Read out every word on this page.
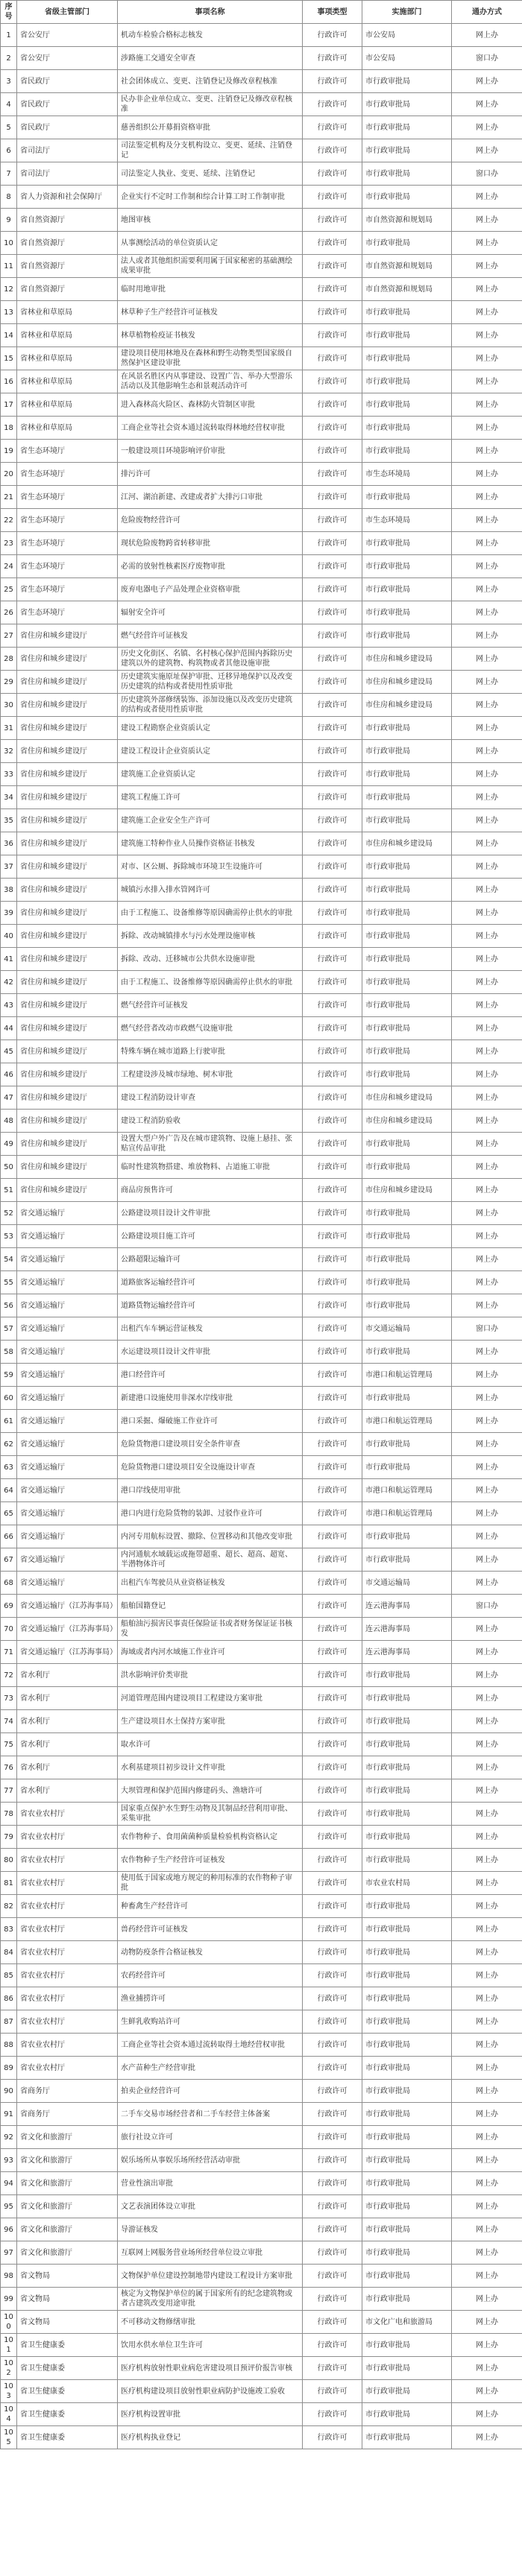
序号	省级主管部门	事项名称	事项类型	实施部门	通办方式
1	省公安厅	机动车检验合格标志核发	行政许可	市公安局	网上办
2	省公安厅	涉路施工交通安全审查	行政许可	市公安局	窗口办
3	省民政厅	社会团体成立、变更、注销登记及修改章程核准	行政许可	市行政审批局	网上办
4	省民政厅	民办非企业单位成立、变更、注销登记及修改章程核准	行政许可	市行政审批局	网上办
5	省民政厅	慈善组织公开募捐资格审批	行政许可	市行政审批局	网上办
6	省司法厅	司法鉴定机构及分支机构设立、变更、延续、注销登记	行政许可	市行政审批局	网上办
7	省司法厅	司法鉴定人执业、变更、延续、注销登记	行政许可	市行政审批局	窗口办
8	省人力资源和社会保障厅	企业实行不定时工作制和综合计算工时工作制审批	行政许可	市行政审批局	网上办
9	省自然资源厅	地图审核	行政许可	市自然资源和规划局	网上办
10	省自然资源厅	从事测绘活动的单位资质认定	行政许可	市行政审批局	网上办
11	省自然资源厅	法人或者其他组织需要利用属于国家秘密的基础测绘成果审批	行政许可	市自然资源和规划局	网上办
12	省自然资源厅	临时用地审批	行政许可	市自然资源和规划局	网上办
13	省林业和草原局	林草种子生产经营许可证核发	行政许可	市行政审批局	网上办
14	省林业和草原局	林草植物检疫证书核发	行政许可	市行政审批局	网上办
15	省林业和草原局	建设项目使用林地及在森林和野生动物类型国家级自然保护区建设审批	行政许可	市行政审批局	网上办
16	省林业和草原局	在风景名胜区内从事建设、设置广告、举办大型游乐活动以及其他影响生态和景观活动许可	行政许可	市行政审批局	网上办
17	省林业和草原局	进入森林高火险区、森林防火管制区审批	行政许可	市行政审批局	网上办
18	省林业和草原局	工商企业等社会资本通过流转取得林地经营权审批	行政许可	市行政审批局	网上办
19	省生态环境厅	一般建设项目环境影响评价审批	行政许可	市行政审批局	网上办
20	省生态环境厅	排污许可	行政许可	市生态环境局	网上办
21	省生态环境厅	江河、湖泊新建、改建或者扩大排污口审批	行政许可	市行政审批局	网上办
22	省生态环境厅	危险废物经营许可	行政许可	市生态环境局	网上办
23	省生态环境厅	现状危险废物跨省转移审批	行政许可	市行政审批局	网上办
24	省生态环境厅	必需的放射性核素医疗废物审批	行政许可	市行政审批局	网上办
25	省生态环境厅	废弃电器电子产品处理企业资格审批	行政许可	市行政审批局	网上办
26	省生态环境厅	辐射安全许可	行政许可	市行政审批局	网上办
27	省住房和城乡建设厅	燃气经营许可证核发	行政许可	市行政审批局	网上办
28	省住房和城乡建设厅	历史文化街区、名镇、名村核心保护范围内拆除历史建筑以外的建筑物、构筑物或者其他设施审批	行政许可	市住房和城乡建设局	网上办
29	省住房和城乡建设厅	历史建筑实施原址保护审批、迁移异地保护以及改变历史建筑的结构或者使用性质审批	行政许可	市住房和城乡建设局	网上办
30	省住房和城乡建设厅	历史建筑外部修缮装饰、添加设施以及改变历史建筑的结构或者使用性质审批	行政许可	市住房和城乡建设局	网上办
31	省住房和城乡建设厅	建设工程勘察企业资质认定	行政许可	市行政审批局	网上办
32	省住房和城乡建设厅	建设工程设计企业资质认定	行政许可	市行政审批局	网上办
33	省住房和城乡建设厅	建筑施工企业资质认定	行政许可	市行政审批局	网上办
34	省住房和城乡建设厅	建筑工程施工许可	行政许可	市行政审批局	网上办
35	省住房和城乡建设厅	建筑施工企业安全生产许可	行政许可	市行政审批局	网上办
36	省住房和城乡建设厅	建筑施工特种作业人员操作资格证书核发	行政许可	市住房和城乡建设局	网上办
37	省住房和城乡建设厅	对市、区公厕、拆除城市环境卫生设施许可	行政许可	市行政审批局	网上办
38	省住房和城乡建设厅	城镇污水排入排水管网许可	行政许可	市行政审批局	网上办
39	省住房和城乡建设厅	由于工程施工、设备维修等原因确需停止供水的审批	行政许可	市行政审批局	网上办
40	省住房和城乡建设厅	拆除、改动城镇排水与污水处理设施审核	行政许可	市行政审批局	网上办
41	省住房和城乡建设厅	拆除、改动、迁移城市公共供水设施审批	行政许可	市行政审批局	网上办
42	省住房和城乡建设厅	由于工程施工、设备维修等原因确需停止供水的审批	行政许可	市行政审批局	网上办
43	省住房和城乡建设厅	燃气经营许可证核发	行政许可	市行政审批局	网上办
44	省住房和城乡建设厅	燃气经营者改动市政燃气设施审批	行政许可	市行政审批局	网上办
45	省住房和城乡建设厅	特殊车辆在城市道路上行驶审批	行政许可	市行政审批局	网上办
46	省住房和城乡建设厅	工程建设涉及城市绿地、树木审批	行政许可	市行政审批局	网上办
47	省住房和城乡建设厅	建设工程消防设计审查	行政许可	市住房和城乡建设局	网上办
48	省住房和城乡建设厅	建设工程消防验收	行政许可	市住房和城乡建设局	网上办
49	省住房和城乡建设厅	设置大型户外广告及在城市建筑物、设施上悬挂、张贴宣传品审批	行政许可	市行政审批局	网上办
50	省住房和城乡建设厅	临时性建筑物搭建、堆放物料、占道施工审批	行政许可	市行政审批局	网上办
51	省住房和城乡建设厅	商品房预售许可	行政许可	市住房和城乡建设局	网上办
52	省交通运输厅	公路建设项目设计文件审批	行政许可	市行政审批局	网上办
53	省交通运输厅	公路建设项目施工许可	行政许可	市行政审批局	网上办
54	省交通运输厅	公路超限运输许可	行政许可	市行政审批局	网上办
55	省交通运输厅	道路旅客运输经营许可	行政许可	市行政审批局	网上办
56	省交通运输厅	道路货物运输经营许可	行政许可	市行政审批局	网上办
57	省交通运输厅	出租汽车车辆运营证核发	行政许可	市交通运输局	窗口办
58	省交通运输厅	水运建设项目设计文件审批	行政许可	市行政审批局	网上办
59	省交通运输厅	港口经营许可	行政许可	市港口和航运管理局	网上办
60	省交通运输厅	新建港口设施使用非深水岸线审批	行政许可	市行政审批局	网上办
61	省交通运输厅	港口采掘、爆破施工作业许可	行政许可	市港口和航运管理局	网上办
62	省交通运输厅	危险货物港口建设项目安全条件审查	行政许可	市行政审批局	网上办
63	省交通运输厅	危险货物港口建设项目安全设施设计审查	行政许可	市行政审批局	网上办
64	省交通运输厅	港口岸线使用审批	行政许可	市港口和航运管理局	网上办
65	省交通运输厅	港口内进行危险货物的装卸、过驳作业许可	行政许可	市港口和航运管理局	网上办
66	省交通运输厅	内河专用航标设置、撤除、位置移动和其他改变审批	行政许可	市行政审批局	网上办
67	省交通运输厅	内河通航水域载运或拖带超重、超长、超高、超宽、半潜物体许可	行政许可	市行政审批局	网上办
68	省交通运输厅	出租汽车驾驶员从业资格证核发	行政许可	市交通运输局	网上办
69	省交通运输厅（江苏海事局）	船舶国籍登记	行政许可	连云港海事局	窗口办
70	省交通运输厅（江苏海事局）	船舶油污损害民事责任保险证书或者财务保证证书核发	行政许可	连云港海事局	网上办
71	省交通运输厅（江苏海事局）	海域或者内河水域施工作业许可	行政许可	连云港海事局	网上办
72	省水利厅	洪水影响评价类审批	行政许可	市行政审批局	网上办
73	省水利厅	河道管理范围内建设项目工程建设方案审批	行政许可	市行政审批局	网上办
74	省水利厅	生产建设项目水土保持方案审批	行政许可	市行政审批局	网上办
75	省水利厅	取水许可	行政许可	市行政审批局	网上办
76	省水利厅	水利基建项目初步设计文件审批	行政许可	市行政审批局	网上办
77	省水利厅	大坝管理和保护范围内修建码头、渔塘许可	行政许可	市行政审批局	网上办
78	省农业农村厅	国家重点保护水生野生动物及其制品经营利用审批、采集审批	行政许可	市行政审批局	网上办
79	省农业农村厅	农作物种子、食用菌菌种质量检验机构资格认定	行政许可	市行政审批局	网上办
80	省农业农村厅	农作物种子生产经营许可证核发	行政许可	市行政审批局	网上办
81	省农业农村厅	使用低于国家或地方规定的种用标准的农作物种子审批	行政许可	市农业农村局	网上办
82	省农业农村厅	种畜禽生产经营许可	行政许可	市行政审批局	网上办
83	省农业农村厅	兽药经营许可证核发	行政许可	市行政审批局	网上办
84	省农业农村厅	动物防疫条件合格证核发	行政许可	市行政审批局	网上办
85	省农业农村厅	农药经营许可	行政许可	市行政审批局	网上办
86	省农业农村厅	渔业捕捞许可	行政许可	市行政审批局	网上办
87	省农业农村厅	生鲜乳收购站许可	行政许可	市行政审批局	网上办
88	省农业农村厅	工商企业等社会资本通过流转取得土地经营权审批	行政许可	市行政审批局	网上办
89	省农业农村厅	水产苗种生产经营审批	行政许可	市行政审批局	网上办
90	省商务厅	拍卖企业经营许可	行政许可	市行政审批局	网上办
91	省商务厅	二手车交易市场经营者和二手车经营主体备案	行政许可	市行政审批局	网上办
92	省文化和旅游厅	旅行社设立许可	行政许可	市行政审批局	网上办
93	省文化和旅游厅	娱乐场所从事娱乐场所经营活动审批	行政许可	市行政审批局	网上办
94	省文化和旅游厅	营业性演出审批	行政许可	市行政审批局	网上办
95	省文化和旅游厅	文艺表演团体设立审批	行政许可	市行政审批局	网上办
96	省文化和旅游厅	导游证核发	行政许可	市行政审批局	网上办
97	省文化和旅游厅	互联网上网服务营业场所经营单位设立审批	行政许可	市行政审批局	网上办
98	省文物局	文物保护单位建设控制地带内建设工程设计方案审批	行政许可	市行政审批局	网上办
99	省文物局	核定为文物保护单位的属于国家所有的纪念建筑物或者古建筑改变用途审批	行政许可	市行政审批局	网上办
100	省文物局	不可移动文物修缮审批	行政许可	市文化广电和旅游局	网上办
101	省卫生健康委	饮用水供水单位卫生许可	行政许可	市行政审批局	网上办
102	省卫生健康委	医疗机构放射性职业病危害建设项目预评价报告审核	行政许可	市行政审批局	网上办
103	省卫生健康委	医疗机构建设项目放射性职业病防护设施竣工验收	行政许可	市行政审批局	网上办
104	省卫生健康委	医疗机构设置审批	行政许可	市行政审批局	网上办
105	省卫生健康委	医疗机构执业登记	行政许可	市行政审批局	网上办
